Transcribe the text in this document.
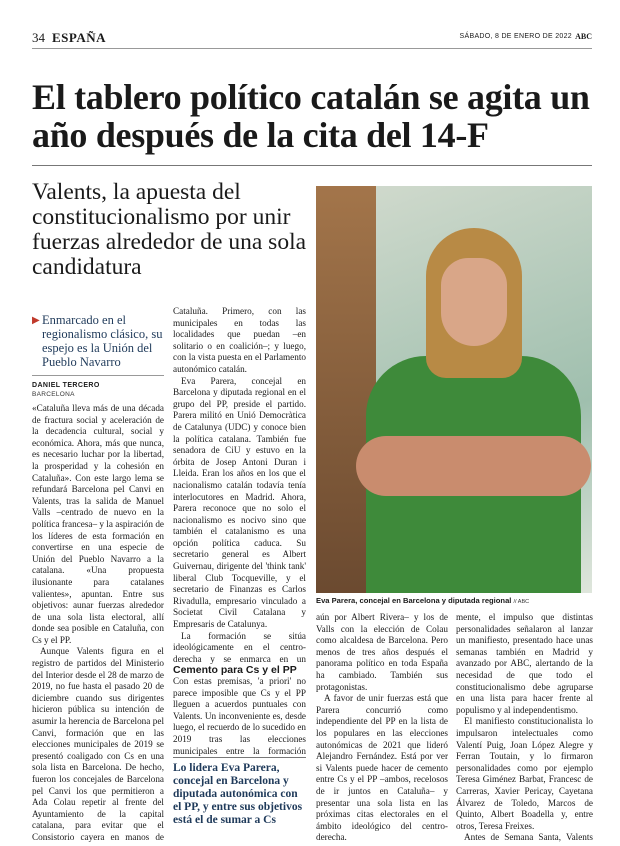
34 ESPAÑA	SÁBADO, 8 DE ENERO DE 2022 ABC
El tablero político catalán se agita un año después de la cita del 14-F
Valents, la apuesta del constitucionalismo por unir fuerzas alrededor de una sola candidatura
Eva Parera, concejal en Barcelona y diputada regional // ABC
▶ Enmarcado en el regionalismo clásico, su espejo es la Unión del Pueblo Navarro
DANIEL TERCERO
BARCELONA

«Cataluña lleva más de una década de fractura social y aceleración de la decadencia cultural, social y económica. Ahora, más que nunca, es necesario luchar por la libertad, la prosperidad y la cohesión en Cataluña». Con este largo lema se refundará Barcelona pel Canvi en Valents, tras la salida de Manuel Valls –centrado de nuevo en la política francesa– y la aspiración de los líderes de esta formación en convertirse en una especie de Unión del Pueblo Navarro a la catalana. «Una propuesta ilusionante para catalanes valientes», apuntan. Entre sus objetivos: aunar fuerzas alrededor de una sola lista electoral, allí donde sea posible en Cataluña, con Cs y el PP.

Aunque Valents figura en el registro de partidos del Ministerio del Interior desde el 28 de marzo de 2019, no fue hasta el pasado 20 de diciembre cuando sus dirigentes hicieron pública su intención de asumir la herencia de Barcelona pel Canvi, formación que en las elecciones municipales de 2019 se presentó coaligado con Cs en una sola lista en Barcelona. De hecho, fueron los concejales de Barcelona pel Canvi los que permitieron a Ada Colau repetir al frente del Ayuntamiento de la capital catalana, para evitar que el Consistorio cayera en manos de

Cataluña. Primero, con las municipales en todas las localidades que puedan –en solitario o en coalición–; y luego, con la vista puesta en el Parlamento autonómico catalán.

Eva Parera, concejal en Barcelona y diputada regional en el grupo del PP, preside el partido. Parera militó en Unió Democràtica de Catalunya (UDC) y conoce bien la política catalana. También fue senadora de CiU y estuvo en la órbita de Josep Antoni Duran i Lleida. Eran los años en los que el nacionalismo catalán todavía tenía interlocutores en Madrid. Ahora, Parera reconoce que no solo el nacionalismo es nocivo sino que también el catalanismo es una opción política caduca. Su secretario general es Albert Guivernau, dirigente del 'think tank' liberal Club Tocqueville, y el secretario de Finanzas es Carlos Rivadulla, empresario vinculado a Societat Civil Catalana y Empresaris de Catalunya.

La formación se sitúa ideológicamente en el centro-derecha y se enmarca en un

Cemento para Cs y el PP

Con estas premisas, 'a priori' no parece imposible que Cs y el PP lleguen a acuerdos puntuales con Valents. Un inconveniente es, desde luego, el recuerdo de lo sucedido en 2019 tras las elecciones municipales entre la formación

Lo lidera Eva Parera, concejal en Barcelona y diputada autonómica con el PP, y entre sus objetivos está el de sumar a Cs

aún por Albert Rivera– y los de Valls con la elección de Colau como alcaldesa de Barcelona. Pero menos de tres años después el panorama político en toda España ha cambiado. También sus protagonistas.

A favor de unir fuerzas está que Parera concurrió como independiente del PP en la lista de los populares en las elecciones autonómicas de 2021 que lideró Alejandro Fernández. Está por ver si Valents puede hacer de cemento entre Cs y el PP –ambos, recelosos de ir juntos en Cataluña– y presentar una sola lista en las próximas citas electorales en el ámbito ideológico del centro-derecha.

mente, el impulso que distintas personalidades señalaron al lanzar un manifiesto, presentado hace unas semanas también en Madrid y avanzado por ABC, alertando de la necesidad de que todo el constitucionalismo debe agruparse en una lista para hacer frente al populismo y al independentismo.

El manifiesto constitucionalista lo impulsaron intelectuales como Valentí Puig, Joan López Alegre y Ferran Toutain, y lo firmaron personalidades como por ejemplo Teresa Giménez Barbat, Francesc de Carreras, Xavier Pericay, Cayetana Álvarez de Toledo, Marcos de Quinto, Albert Boadella y, entre otros, Teresa Freixes.

Antes de Semana Santa, Valents
